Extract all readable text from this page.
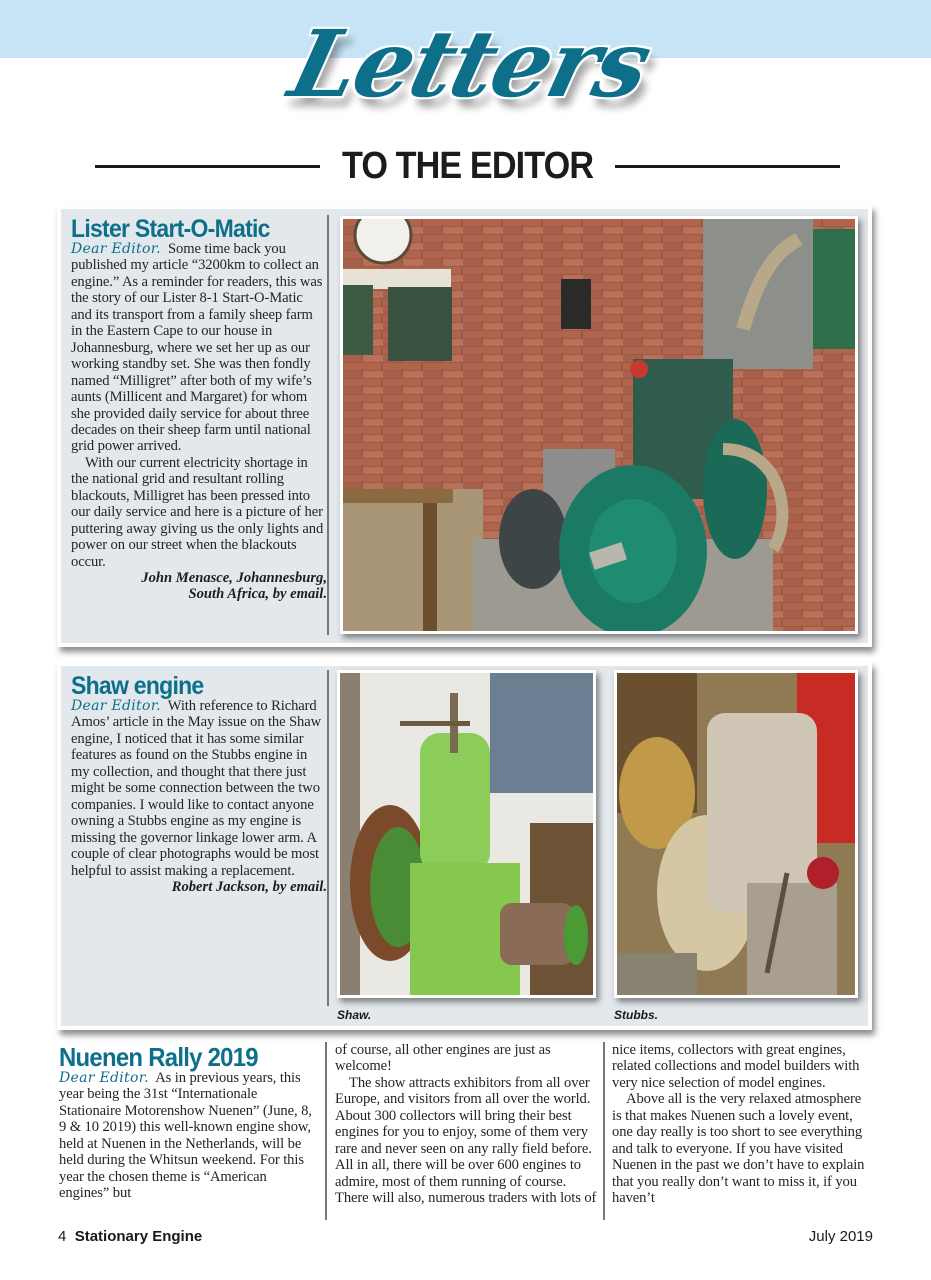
Letters
TO THE EDITOR
Lister Start-O-Matic

Dear Editor. Some time back you published my article “3200km to collect an engine.” As a reminder for readers, this was the story of our Lister 8-1 Start-O-Matic and its transport from a family sheep farm in the Eastern Cape to our house in Johannesburg, where we set her up as our working standby set. She was then fondly named “Milligret” after both of my wife’s aunts (Millicent and Margaret) for whom she provided daily service for about three decades on their sheep farm until national grid power arrived.

With our current electricity shortage in the national grid and resultant rolling blackouts, Milligret has been pressed into our daily service and here is a picture of her puttering away giving us the only lights and power on our street when the blackouts occur.

John Menasce, Johannesburg,
South Africa, by email.
Shaw engine

Dear Editor. With reference to Richard Amos’ article in the May issue on the Shaw engine, I noticed that it has some similar features as found on the Stubbs engine in my collection, and thought that there just might be some connection between the two companies. I would like to contact anyone owning a Stubbs engine as my engine is missing the governor linkage lower arm. A couple of clear photographs would be most helpful to assist making a replacement.

Robert Jackson, by email.
Shaw.	Stubbs.
Nuenen Rally 2019

Dear Editor. As in previous years, this year being the 31st “Internationale Stationaire Motorenshow Nuenen” (June, 8, 9 & 10 2019) this well-known engine show, held at Nuenen in the Netherlands, will be held during the Whitsun weekend. For this year the chosen theme is “American engines” but

of course, all other engines are just as welcome!

The show attracts exhibitors from all over Europe, and visitors from all over the world. About 300 collectors will bring their best engines for you to enjoy, some of them very rare and never seen on any rally field before. All in all, there will be over 600 engines to admire, most of them running of course. There will also, numerous traders with lots of

nice items, collectors with great engines, related collections and model builders with very nice selection of model engines.

Above all is the very relaxed atmosphere is that makes Nuenen such a lovely event, one day really is too short to see everything and talk to everyone. If you have visited Nuenen in the past we don’t have to explain that you really don’t want to miss it, if you haven’t

4 Stationary Engine	July 2019
